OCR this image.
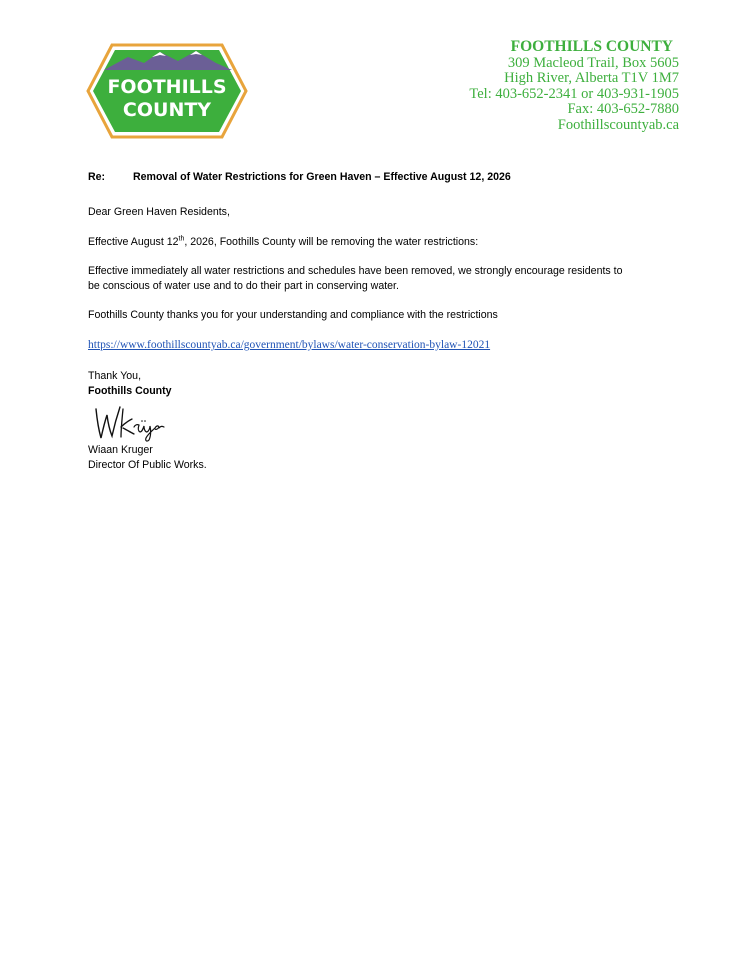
FOOTHILLS
COUNTY
FOOTHILLS COUNTY
309 Macleod Trail, Box 5605
High River, Alberta T1V 1M7
Tel: 403-652-2341 or 403-931-1905
Fax: 403-652-7880
Foothillscountyab.ca
Re:	Removal of Water Restrictions for Green Haven – Effective August 12, 2026
Dear Green Haven Residents,
Effective August 12th, 2026, Foothills County will be removing the water restrictions:
Effective immediately all water restrictions and schedules have been removed, we strongly encourage residents to
be conscious of water use and to do their part in conserving water.
Foothills County thanks you for your understanding and compliance with the restrictions
https://www.foothillscountyab.ca/government/bylaws/water-conservation-bylaw-12021
Thank You,
Foothills County
Wiaan Kruger
Director Of Public Works.
